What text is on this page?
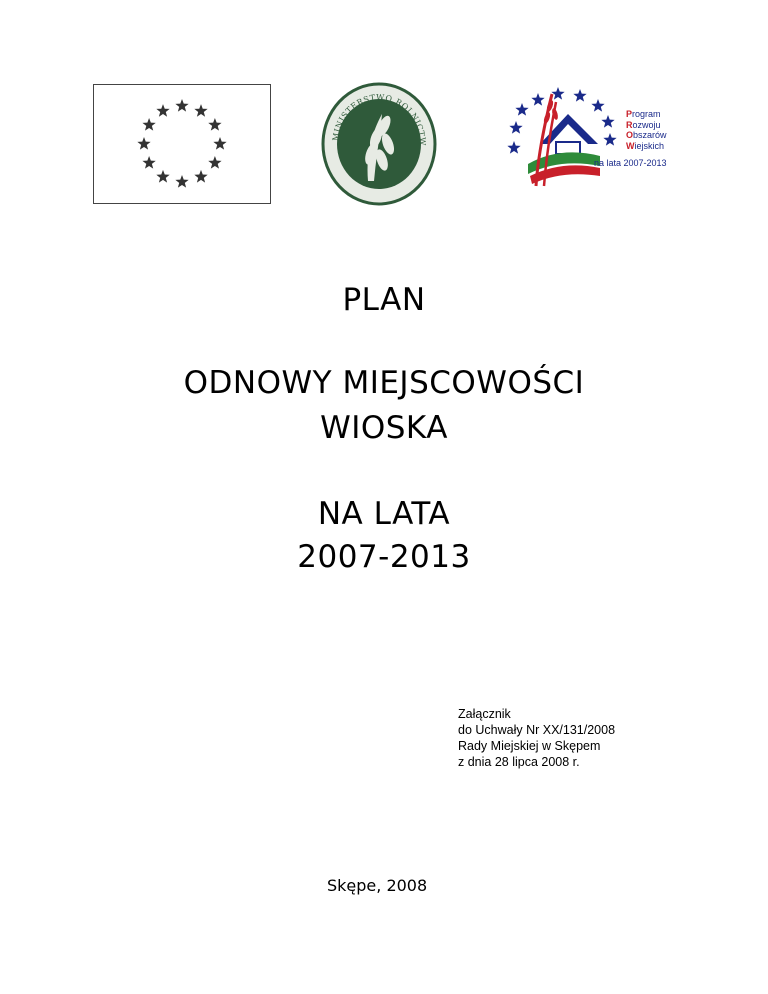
MINISTERSTWO ROLNICTW
Program
Rozwoju
Obszarów
Wiejskich
na lata 2007-2013
PLAN
ODNOWY MIEJSCOWOŚCI
WIOSKA
NA LATA
2007-2013
Załącznik
do Uchwały Nr XX/131/2008
Rady Miejskiej w Skępem
z dnia 28 lipca 2008 r.
Skępe, 2008
